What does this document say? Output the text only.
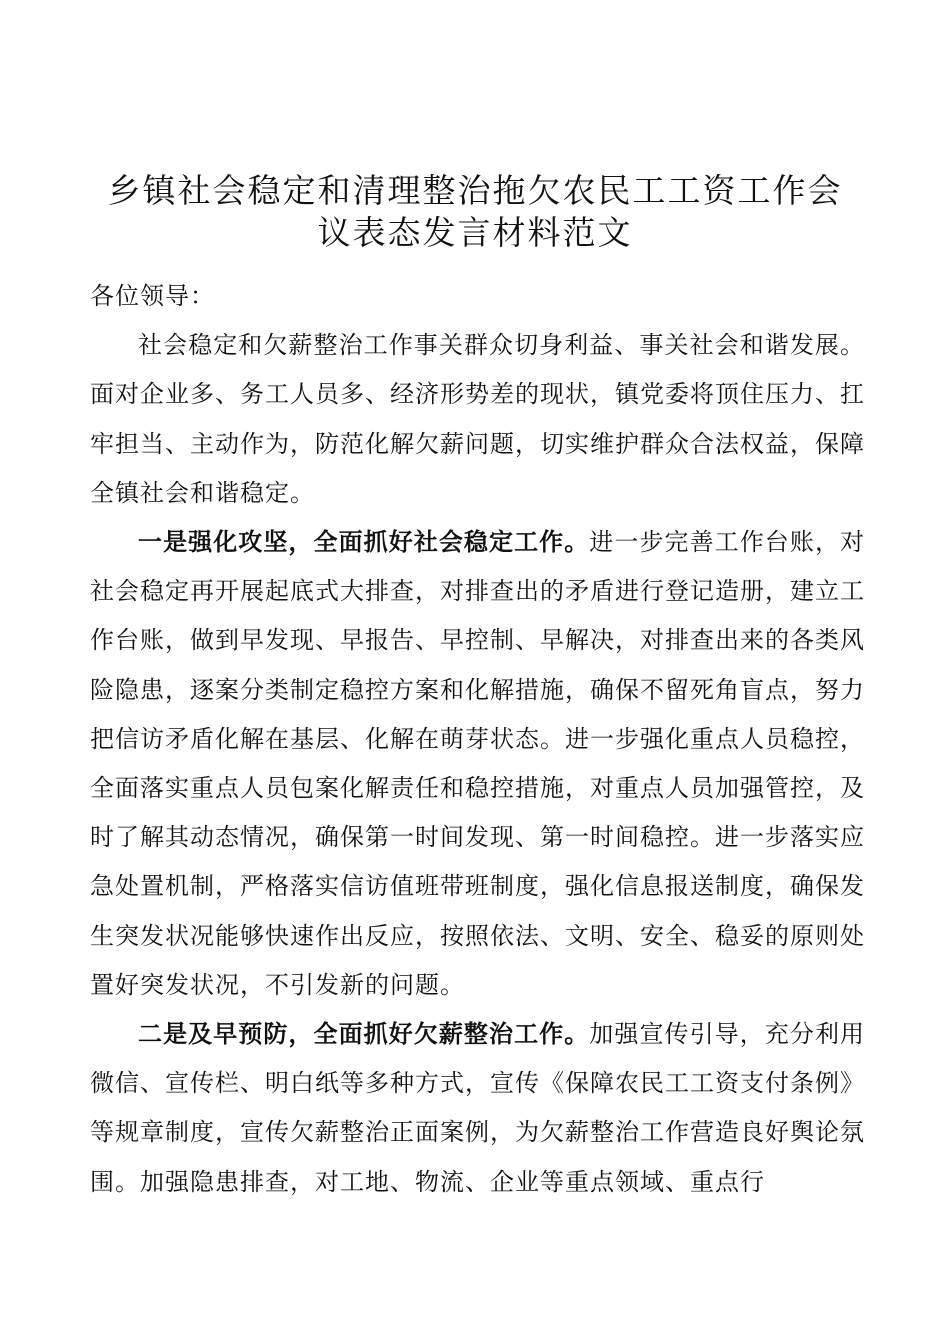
乡镇社会稳定和清理整治拖欠农民工工资工作会
议表态发言材料范文

各位领导：

社会稳定和欠薪整治工作事关群众切身利益、事关社会和谐发展。面对企业多、务工人员多、经济形势差的现状，镇党委将顶住压力、扛牢担当、主动作为，防范化解欠薪问题，切实维护群众合法权益，保障全镇社会和谐稳定。

一是强化攻坚，全面抓好社会稳定工作。进一步完善工作台账，对社会稳定再开展起底式大排查，对排查出的矛盾进行登记造册，建立工作台账，做到早发现、早报告、早控制、早解决，对排查出来的各类风险隐患，逐案分类制定稳控方案和化解措施，确保不留死角盲点，努力把信访矛盾化解在基层、化解在萌芽状态。进一步强化重点人员稳控，全面落实重点人员包案化解责任和稳控措施，对重点人员加强管控，及时了解其动态情况，确保第一时间发现、第一时间稳控。进一步落实应急处置机制，严格落实信访值班带班制度，强化信息报送制度，确保发生突发状况能够快速作出反应，按照依法、文明、安全、稳妥的原则处置好突发状况，不引发新的问题。

二是及早预防，全面抓好欠薪整治工作。加强宣传引导，充分利用微信、宣传栏、明白纸等多种方式，宣传《保障农民工工资支付条例》等规章制度，宣传欠薪整治正面案例，为欠薪整治工作营造良好舆论氛围。加强隐患排查，对工地、物流、企业等重点领域、重点行
